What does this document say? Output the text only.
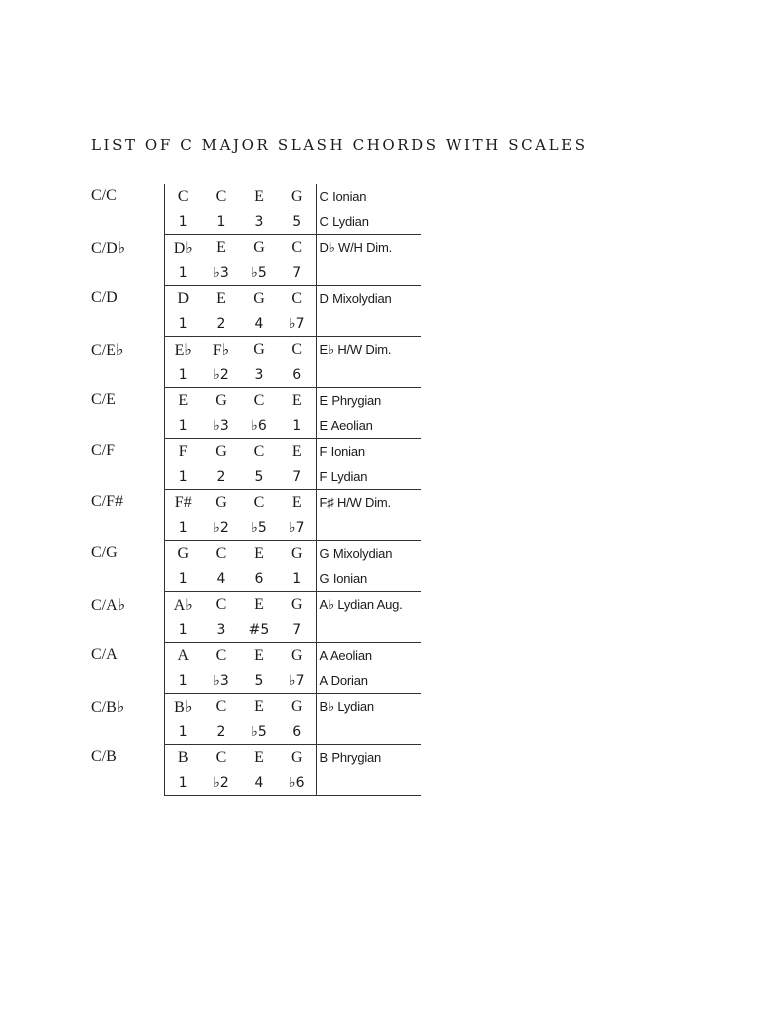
LIST OF C MAJOR SLASH CHORDS WITH SCALES
C/C	C	C	E	G	C Ionian
	1	1	3	5	C Lydian
C/D♭	D♭	E	G	C	D♭ W/H Dim.
	1	♭3	♭5	7	
C/D	D	E	G	C	D Mixolydian
	1	2	4	♭7	
C/E♭	E♭	F♭	G	C	E♭ H/W Dim.
	1	♭2	3	6	
C/E	E	G	C	E	E Phrygian
	1	♭3	♭6	1	E Aeolian
C/F	F	G	C	E	F Ionian
	1	2	5	7	F Lydian
C/F#	F#	G	C	E	F♯ H/W Dim.
	1	♭2	♭5	♭7	
C/G	G	C	E	G	G Mixolydian
	1	4	6	1	G Ionian
C/A♭	A♭	C	E	G	A♭ Lydian Aug.
	1	3	#5	7	
C/A	A	C	E	G	A Aeolian
	1	♭3	5	♭7	A Dorian
C/B♭	B♭	C	E	G	B♭ Lydian
	1	2	♭5	6	
C/B	B	C	E	G	B Phrygian
	1	♭2	4	♭6	
